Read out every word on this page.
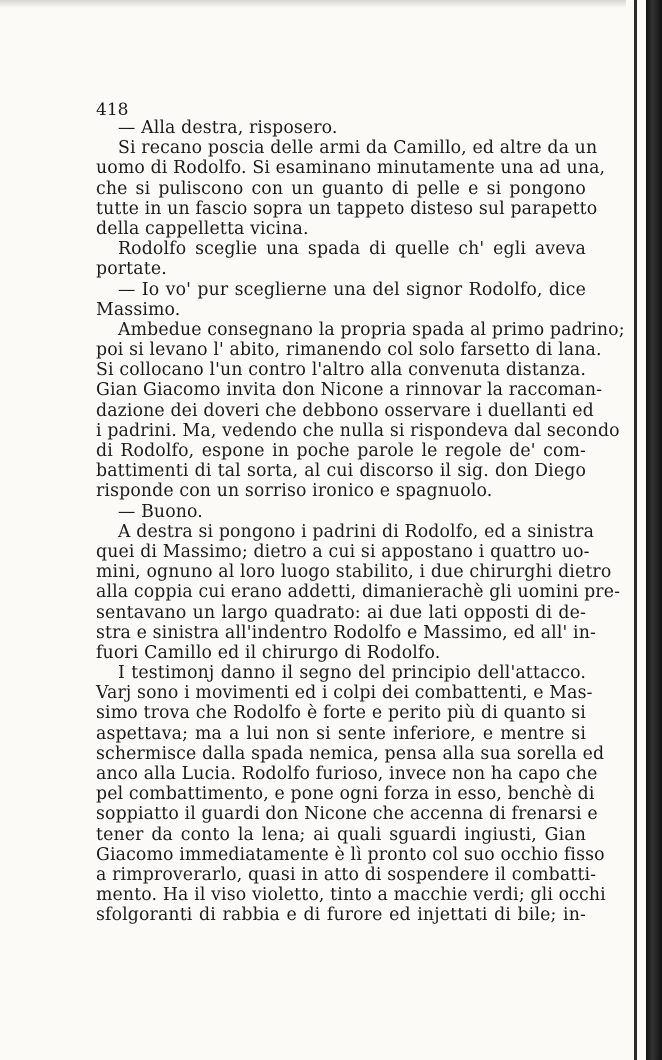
418
— Alla destra, risposero.
Si recano poscia delle armi da Camillo, ed altre da un
uomo di Rodolfo. Si esaminano minutamente una ad una,
che si puliscono con un guanto di pelle e si pongono
tutte in un fascio sopra un tappeto disteso sul parapetto
della cappelletta vicina.
Rodolfo sceglie una spada di quelle ch' egli aveva
portate.
— Io vo' pur sceglierne una del signor Rodolfo, dice
Massimo.
Ambedue consegnano la propria spada al primo padrino;
poi si levano l' abito, rimanendo col solo farsetto di lana.
Si collocano l'un contro l'altro alla convenuta distanza.
Gian Giacomo invita don Nicone a rinnovar la raccoman-
dazione dei doveri che debbono osservare i duellanti ed
i padrini. Ma, vedendo che nulla si rispondeva dal secondo
di Rodolfo, espone in poche parole le regole de' com-
battimenti di tal sorta, al cui discorso il sig. don Diego
risponde con un sorriso ironico e spagnuolo.
— Buono.
A destra si pongono i padrini di Rodolfo, ed a sinistra
quei di Massimo; dietro a cui si appostano i quattro uo-
mini, ognuno al loro luogo stabilito, i due chirurghi dietro
alla coppia cui erano addetti, dimanierachè gli uomini pre-
sentavano un largo quadrato: ai due lati opposti di de-
stra e sinistra all'indentro Rodolfo e Massimo, ed all' in-
fuori Camillo ed il chirurgo di Rodolfo.
I testimonj danno il segno del principio dell'attacco.
Varj sono i movimenti ed i colpi dei combattenti, e Mas-
simo trova che Rodolfo è forte e perito più di quanto si
aspettava; ma a lui non si sente inferiore, e mentre si
schermisce dalla spada nemica, pensa alla sua sorella ed
anco alla Lucia. Rodolfo furioso, invece non ha capo che
pel combattimento, e pone ogni forza in esso, benchè di
soppiatto il guardi don Nicone che accenna di frenarsi e
tener da conto la lena; ai quali sguardi ingiusti, Gian
Giacomo immediatamente è lì pronto col suo occhio fisso
a rimproverarlo, quasi in atto di sospendere il combatti-
mento. Ha il viso violetto, tinto a macchie verdi; gli occhi
sfolgoranti di rabbia e di furore ed injettati di bile; in-
